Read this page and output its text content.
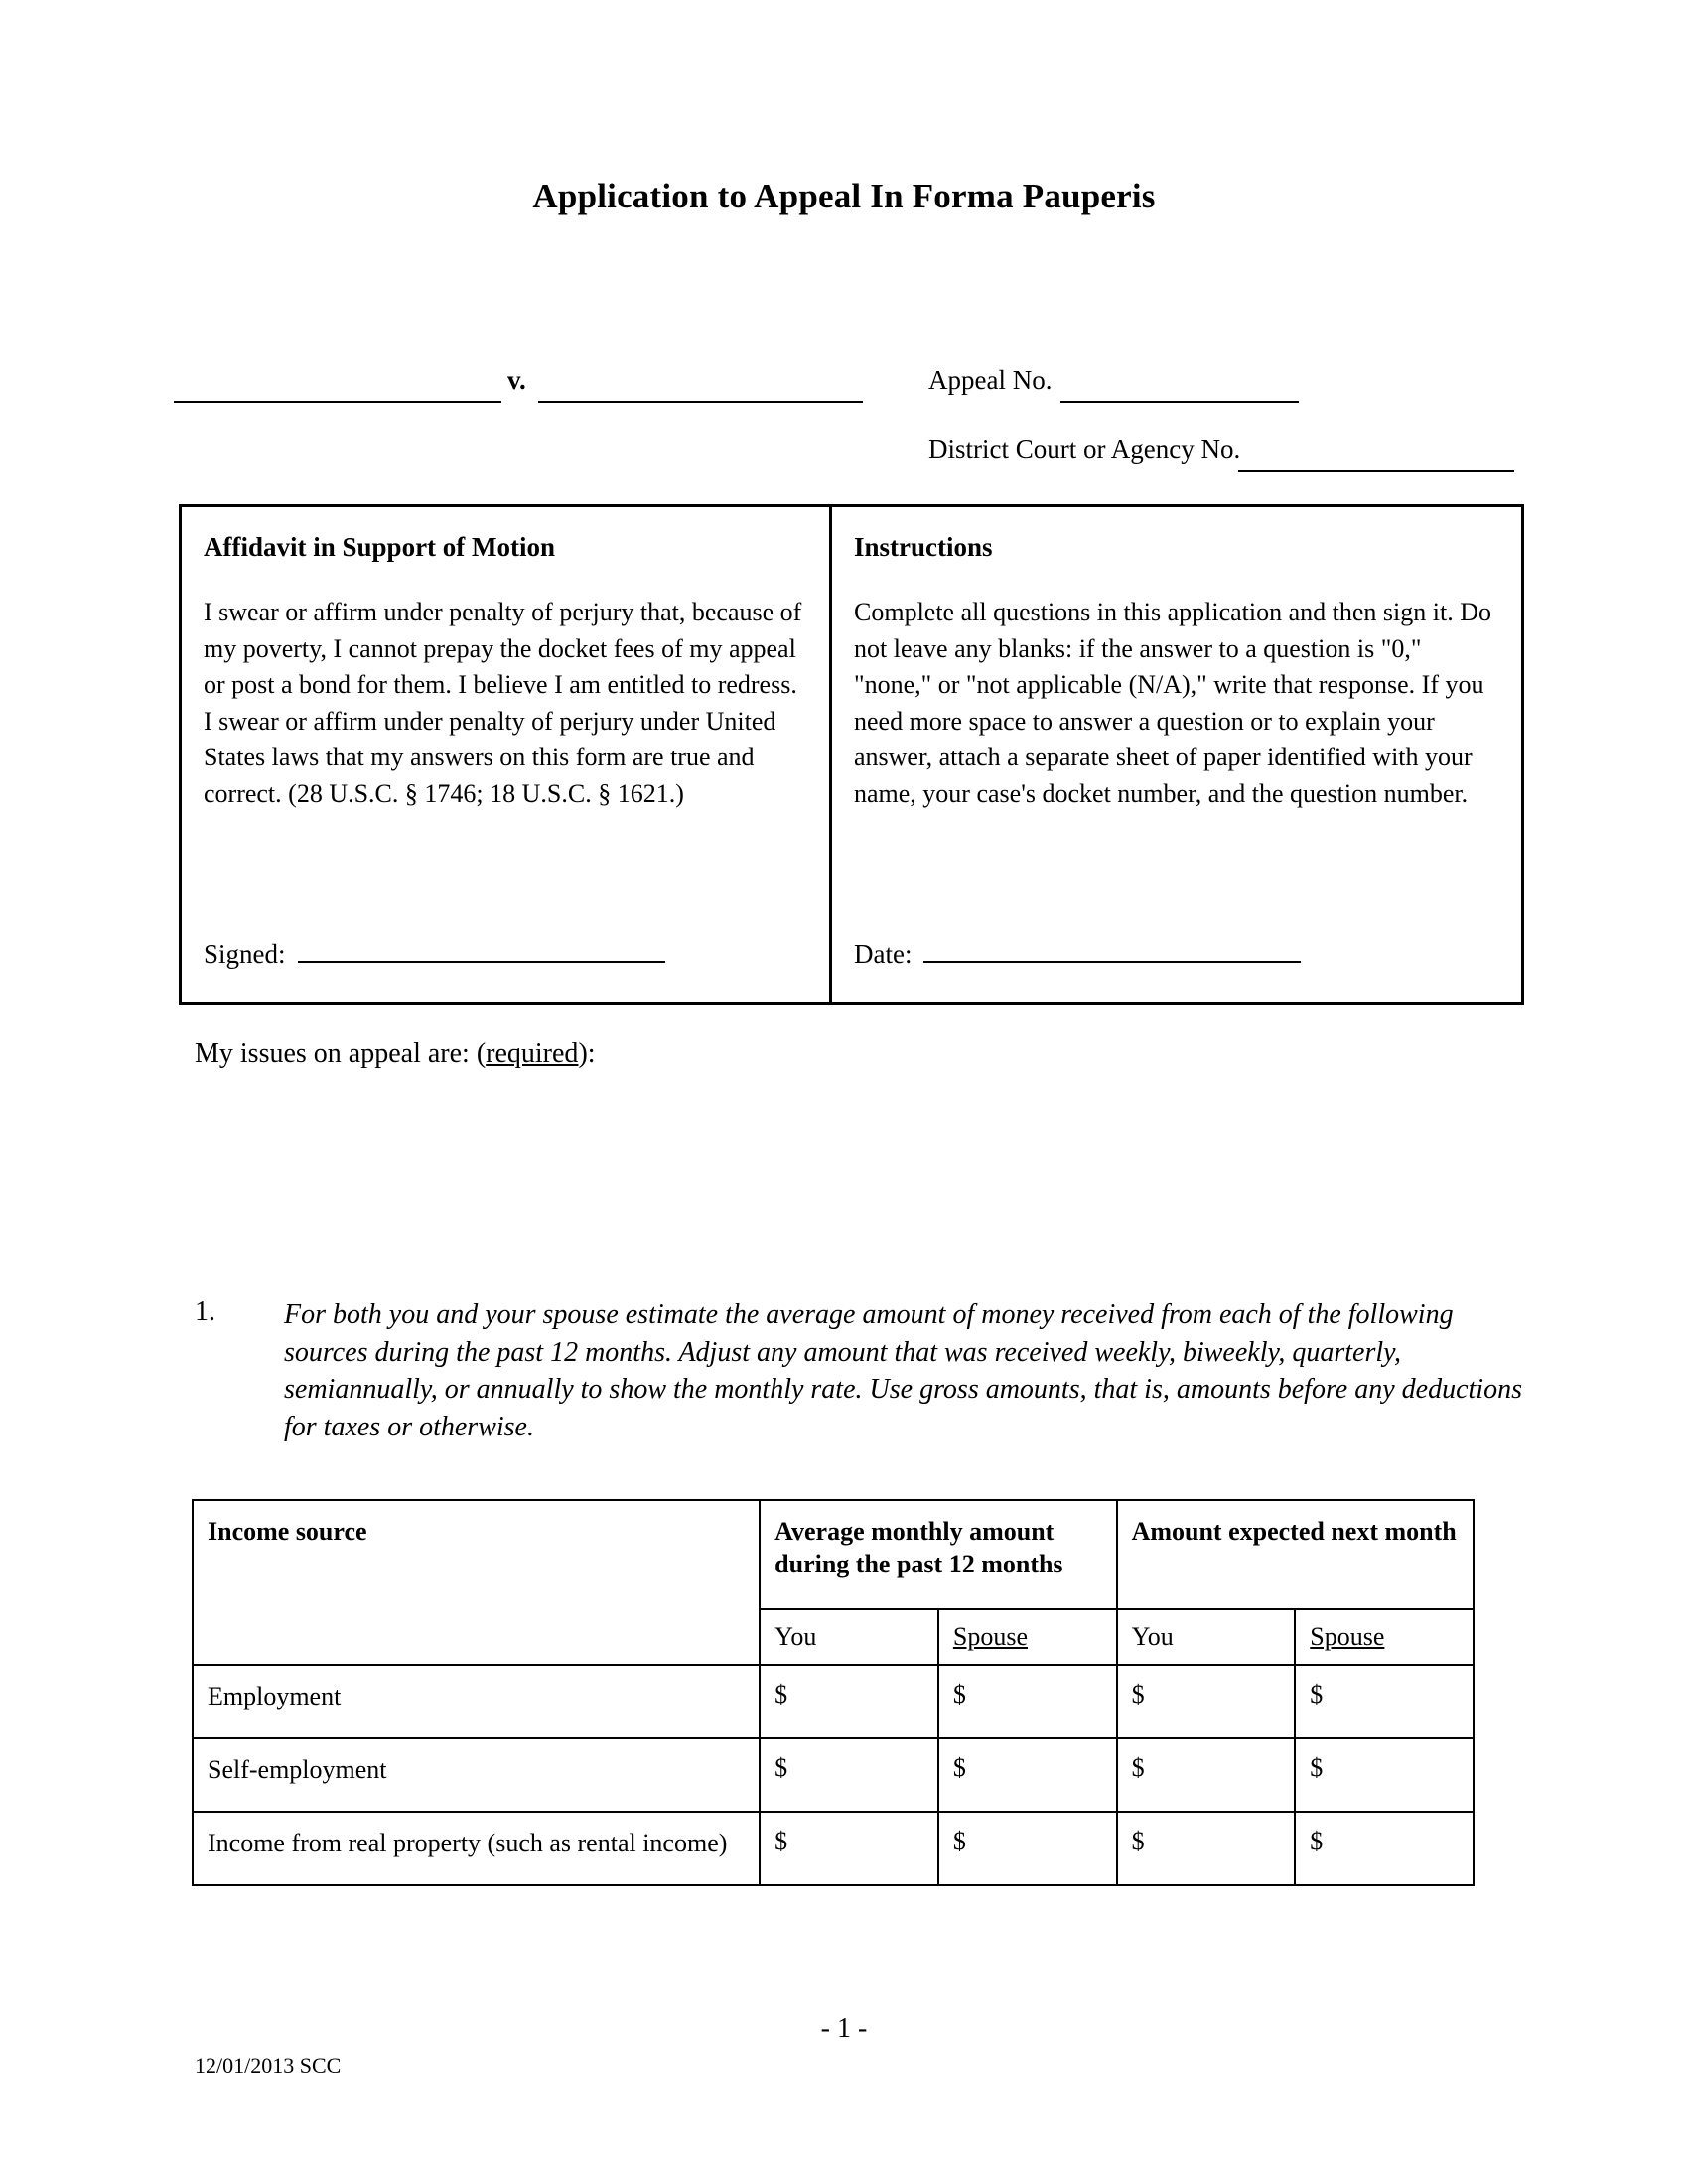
Application to Appeal In Forma Pauperis
v.	Appeal No.
District Court or Agency No.
Affidavit in Support of Motion

I swear or affirm under penalty of perjury that, because of my poverty, I cannot prepay the docket fees of my appeal or post a bond for them. I believe I am entitled to redress. I swear or affirm under penalty of perjury under United States laws that my answers on this form are true and correct. (28 U.S.C. § 1746; 18 U.S.C. § 1621.)

Signed:
Instructions

Complete all questions in this application and then sign it. Do not leave any blanks: if the answer to a question is "0," "none," or "not applicable (N/A)," write that response. If you need more space to answer a question or to explain your answer, attach a separate sheet of paper identified with your name, your case's docket number, and the question number.

Date:
My issues on appeal are: (required):
1. For both you and your spouse estimate the average amount of money received from each of the following sources during the past 12 months. Adjust any amount that was received weekly, biweekly, quarterly, semiannually, or annually to show the monthly rate. Use gross amounts, that is, amounts before any deductions for taxes or otherwise.
Income source	Average monthly amount during the past 12 months		Amount expected next month	
	You	Spouse	You	Spouse
Employment	$	$	$	$
Self-employment	$	$	$	$
Income from real property (such as rental income)	$	$	$	$
- 1 -
12/01/2013 SCC
